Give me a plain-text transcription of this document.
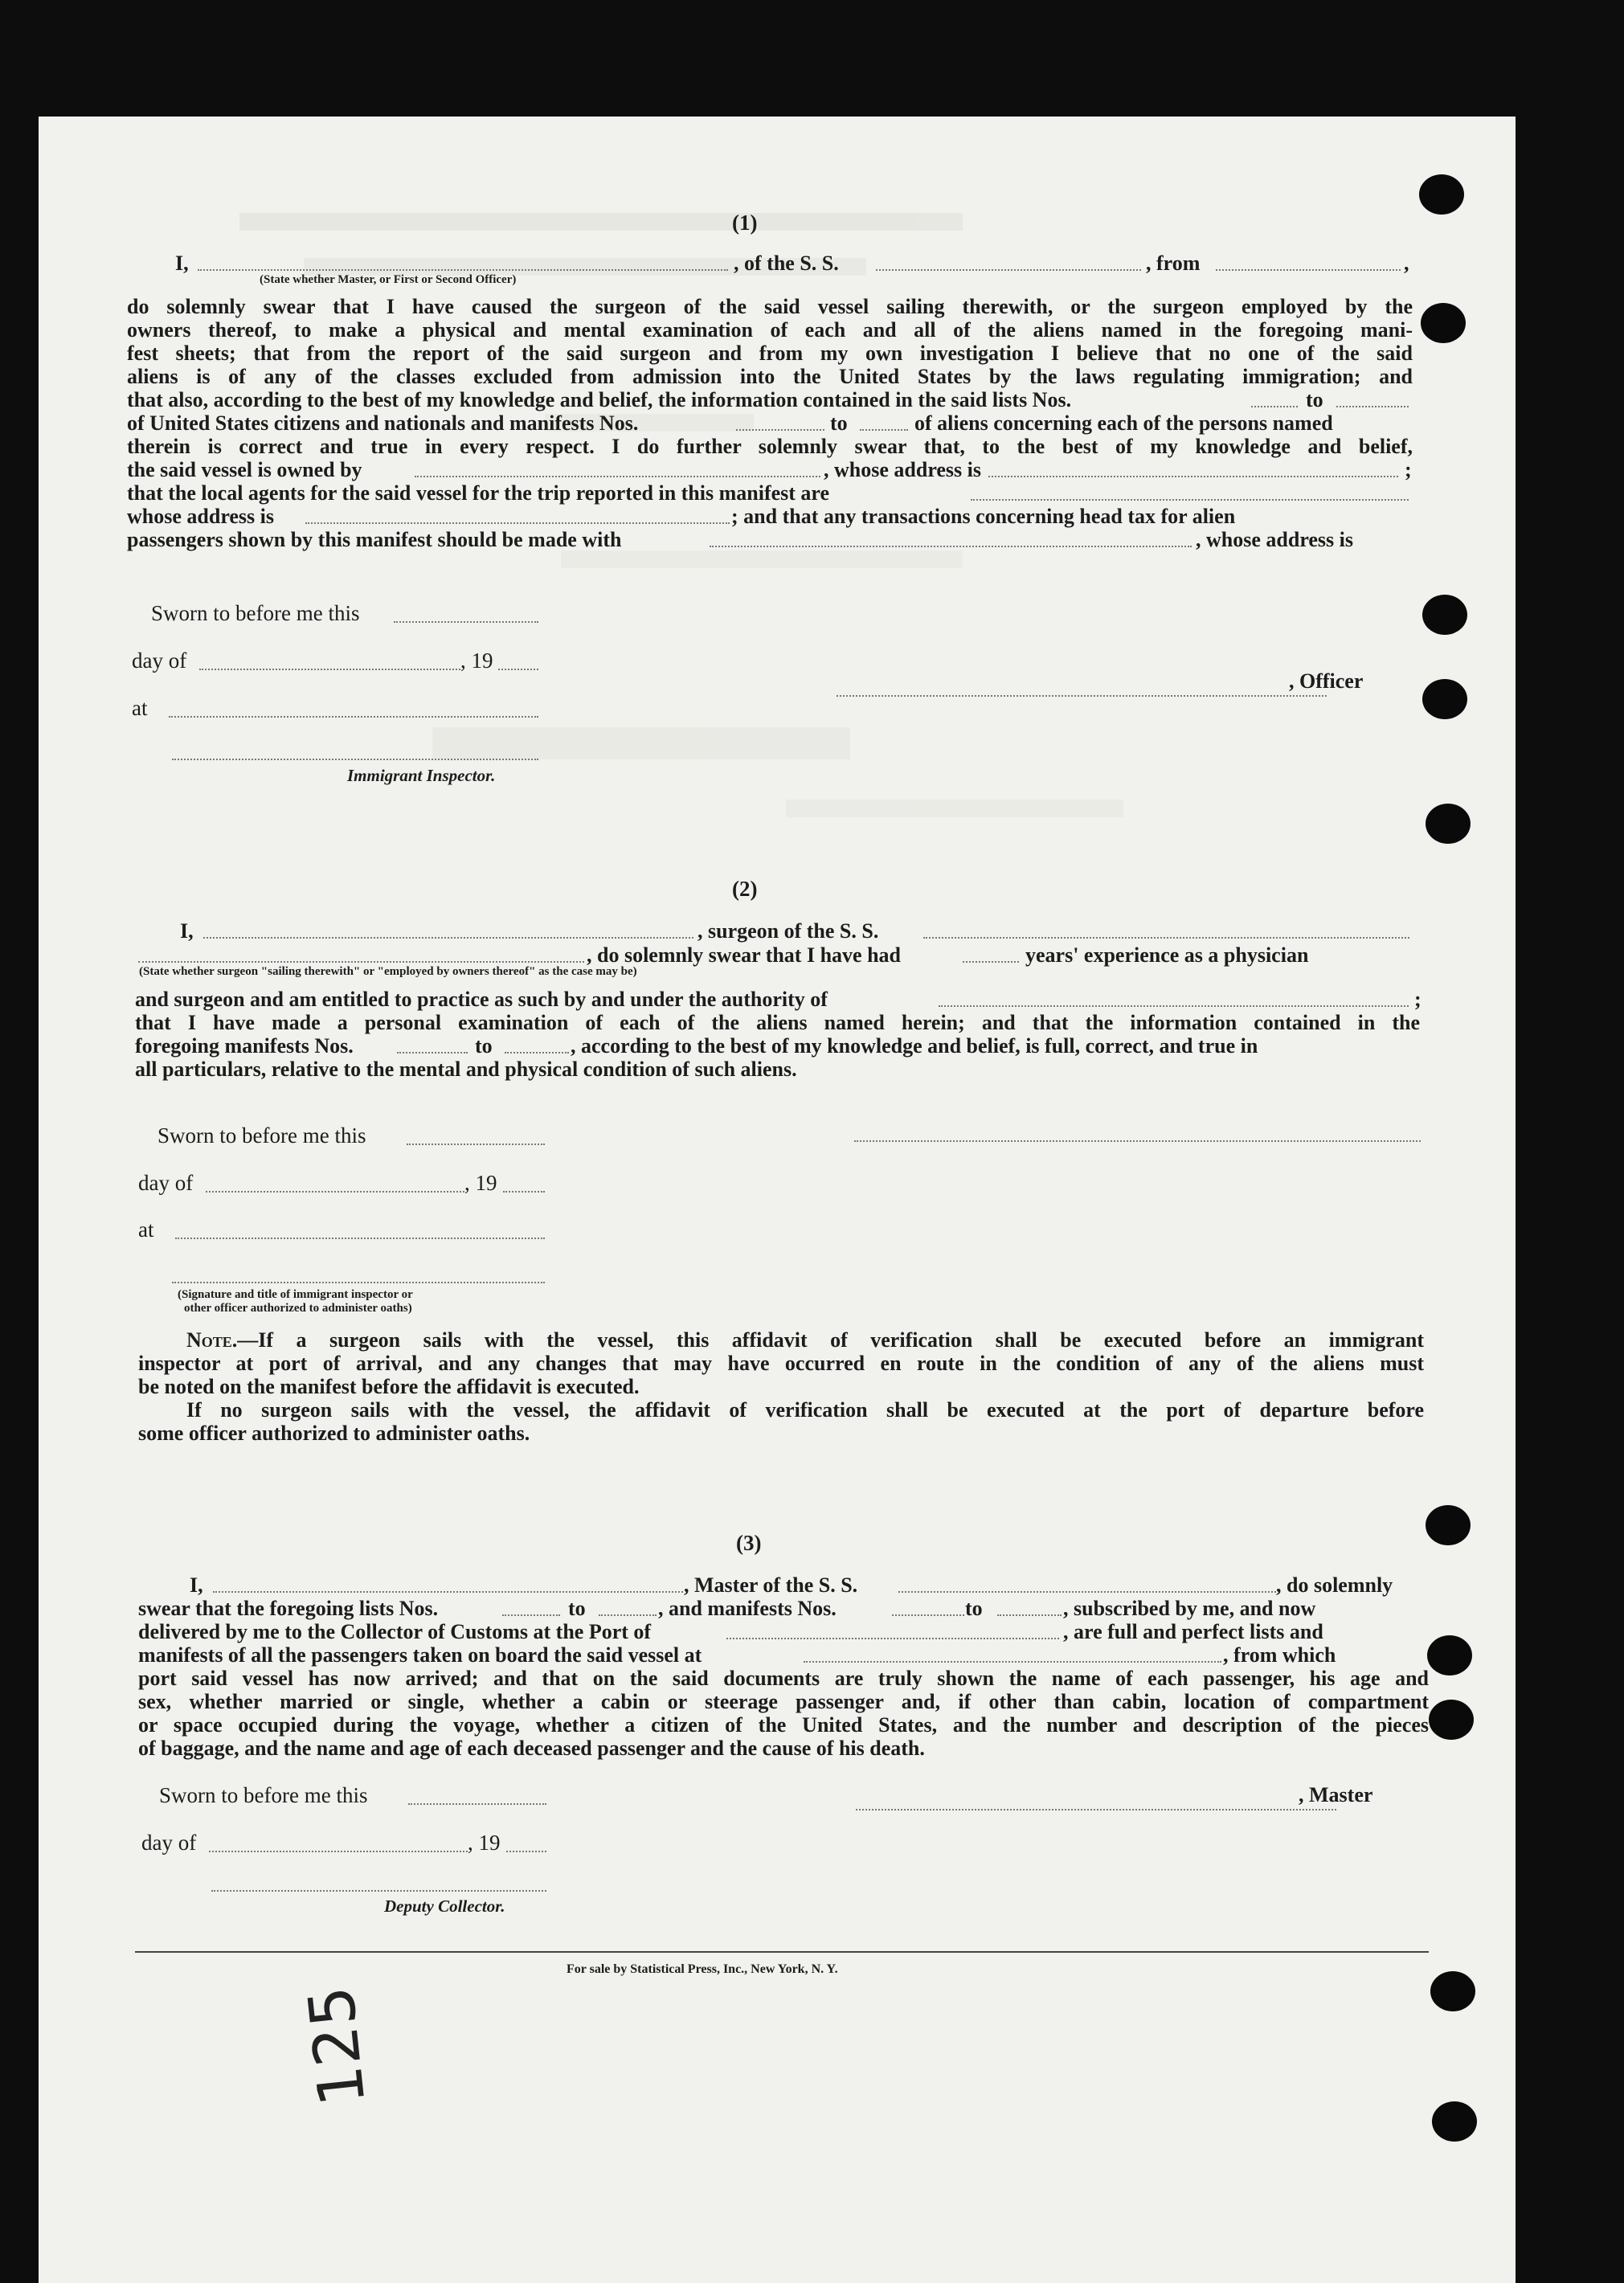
(1)
I,	, of the S. S.	, from	,
(State whether Master, or First or Second Officer)
do solemnly swear that I have caused the surgeon of the said vessel sailing therewith, or the surgeon employed by the
owners thereof, to make a physical and mental examination of each and all of the aliens named in the foregoing mani-
fest sheets; that from the report of the said surgeon and from my own investigation I believe that no one of the said
aliens is of any of the classes excluded from admission into the United States by the laws regulating immigration; and
that also, according to the best of my knowledge and belief, the information contained in the said lists Nos.	to
of United States citizens and nationals and manifests Nos.	to	of aliens concerning each of the persons named
therein is correct and true in every respect. I do further solemnly swear that, to the best of my knowledge and belief,
the said vessel is owned by	, whose address is	;
that the local agents for the said vessel for the trip reported in this manifest are
whose address is	; and that any transactions concerning head tax for alien
passengers shown by this manifest should be made with	, whose address is
Sworn to before me this
day of	, 19
at
Immigrant Inspector.
, Officer
(2)
I,	, surgeon of the S. S.
, do solemnly swear that I have had	years' experience as a physician
(State whether surgeon "sailing therewith" or "employed by owners thereof" as the case may be)
and surgeon and am entitled to practice as such by and under the authority of	;
that I have made a personal examination of each of the aliens named herein; and that the information contained in the
foregoing manifests Nos.	to	, according to the best of my knowledge and belief, is full, correct, and true in
all particulars, relative to the mental and physical condition of such aliens.
Sworn to before me this
day of	, 19
at
(Signature and title of immigrant inspector or
other officer authorized to administer oaths)
Note.—If a surgeon sails with the vessel, this affidavit of verification shall be executed before an immigrant
inspector at port of arrival, and any changes that may have occurred en route in the condition of any of the aliens must
be noted on the manifest before the affidavit is executed.
If no surgeon sails with the vessel, the affidavit of verification shall be executed at the port of departure before
some officer authorized to administer oaths.
(3)
I,	, Master of the S. S.	, do solemnly
swear that the foregoing lists Nos.	to	, and manifests Nos.	to	, subscribed by me, and now
delivered by me to the Collector of Customs at the Port of	, are full and perfect lists and
manifests of all the passengers taken on board the said vessel at	, from which
port said vessel has now arrived; and that on the said documents are truly shown the name of each passenger, his age and
sex, whether married or single, whether a cabin or steerage passenger and, if other than cabin, location of compartment
or space occupied during the voyage, whether a citizen of the United States, and the number and description of the pieces
of baggage, and the name and age of each deceased passenger and the cause of his death.
Sworn to before me this	, Master
day of	, 19
Deputy Collector.
For sale by Statistical Press, Inc., New York, N. Y.
125
